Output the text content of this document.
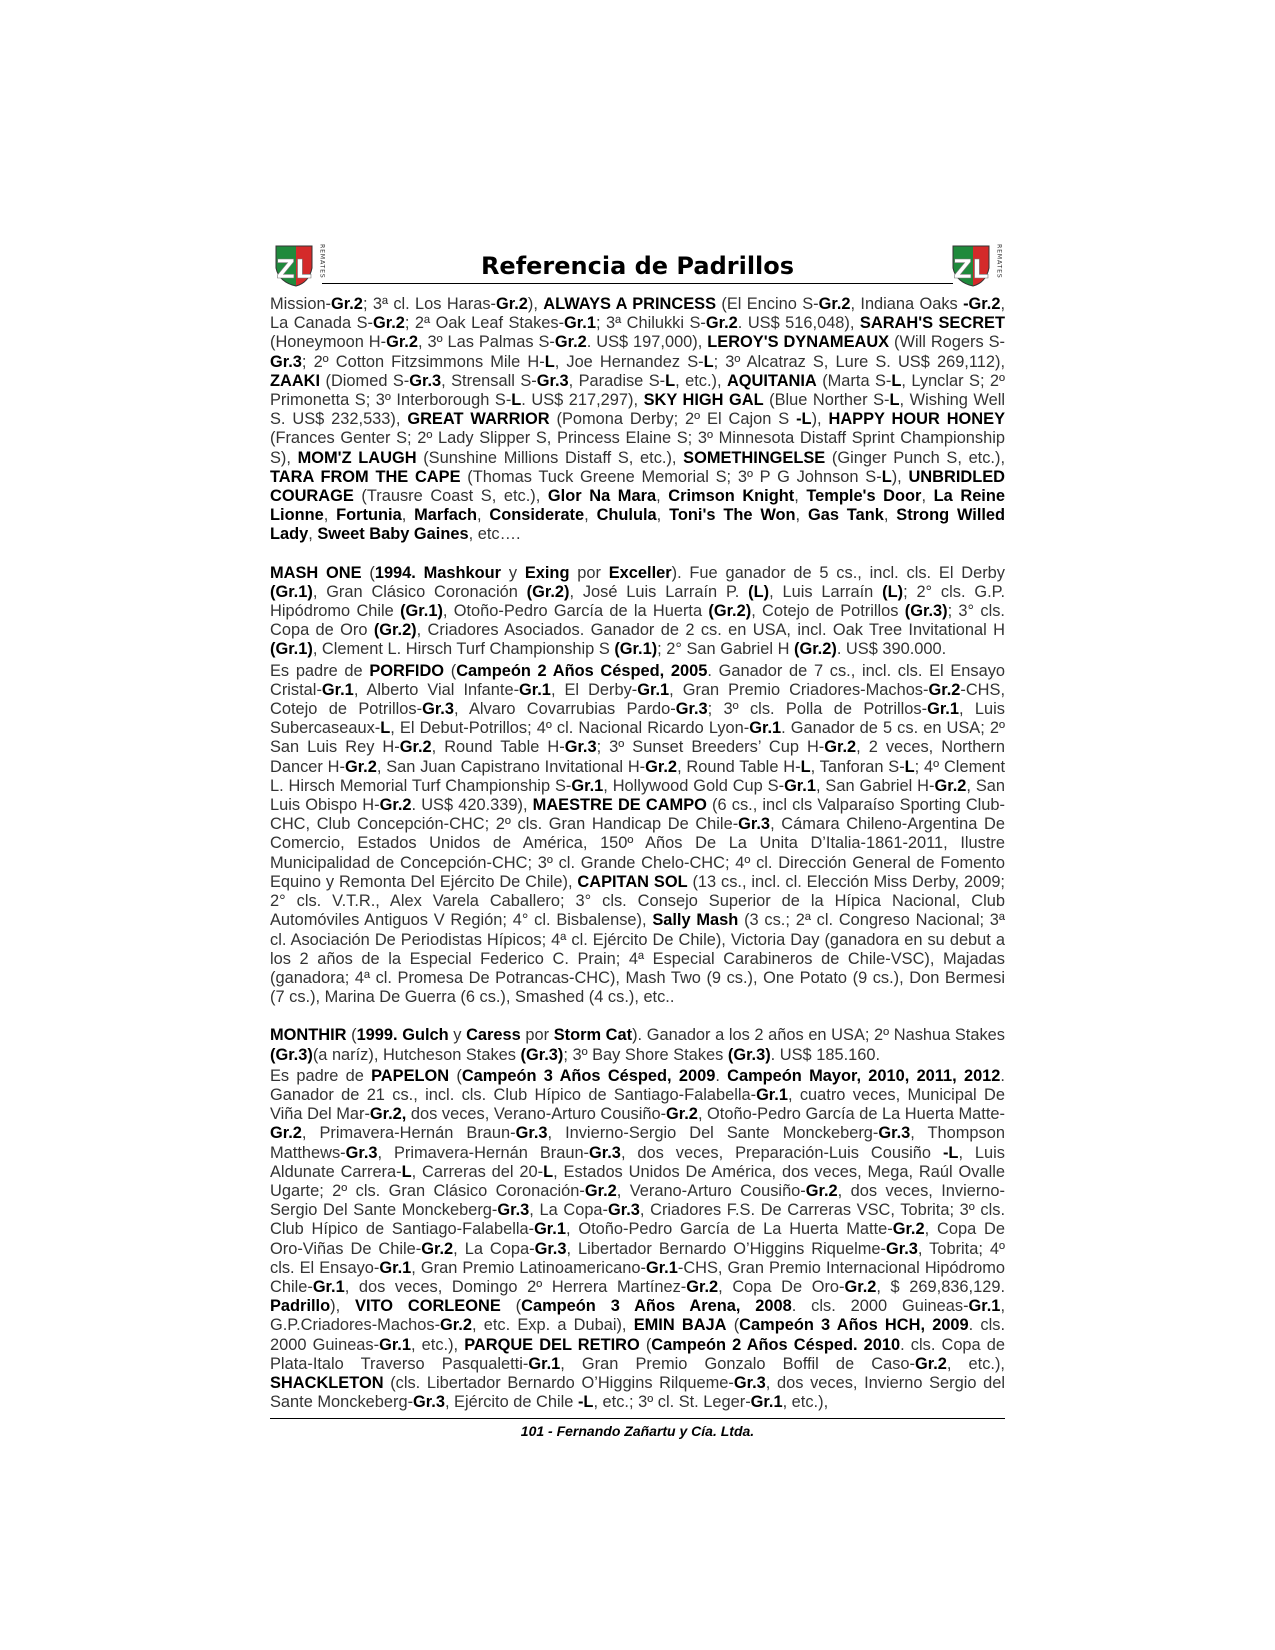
ZL REMATES	Referencia de Padrillos	ZL REMATES

Mission-Gr.2; 3ª cl. Los Haras-Gr.2), ALWAYS A PRINCESS (El Encino S-Gr.2, Indiana Oaks -Gr.2, La Canada S-Gr.2; 2ª Oak Leaf Stakes-Gr.1; 3ª Chilukki S-Gr.2. US$ 516,048), SARAH'S SECRET (Honeymoon H-Gr.2, 3º Las Palmas S-Gr.2. US$ 197,000), LEROY'S DYNAMEAUX (Will Rogers S-Gr.3; 2º Cotton Fitzsimmons Mile H-L, Joe Hernandez S-L; 3º Alcatraz S, Lure S. US$ 269,112), ZAAKI (Diomed S-Gr.3, Strensall S-Gr.3, Paradise S-L, etc.), AQUITANIA (Marta S-L, Lynclar S; 2º Primonetta S; 3º Interborough S-L. US$ 217,297), SKY HIGH GAL (Blue Norther S-L, Wishing Well S. US$ 232,533), GREAT WARRIOR (Pomona Derby; 2º El Cajon S -L), HAPPY HOUR HONEY (Frances Genter S; 2º Lady Slipper S, Princess Elaine S; 3º Minnesota Distaff Sprint Championship S), MOM'Z LAUGH (Sunshine Millions Distaff S, etc.), SOMETHINGELSE (Ginger Punch S, etc.), TARA FROM THE CAPE (Thomas Tuck Greene Memorial S; 3º P G Johnson S-L), UNBRIDLED COURAGE (Trausre Coast S, etc.), Glor Na Mara, Crimson Knight, Temple's Door, La Reine Lionne, Fortunia, Marfach, Considerate, Chulula, Toni's The Won, Gas Tank, Strong Willed Lady, Sweet Baby Gaines, etc….

MASH ONE (1994. Mashkour y Exing por Exceller). Fue ganador de 5 cs., incl. cls. El Derby (Gr.1), Gran Clásico Coronación (Gr.2), José Luis Larraín P. (L), Luis Larraín (L); 2° cls. G.P. Hipódromo Chile (Gr.1), Otoño-Pedro García de la Huerta (Gr.2), Cotejo de Potrillos (Gr.3); 3° cls. Copa de Oro (Gr.2), Criadores Asociados. Ganador de 2 cs. en USA, incl. Oak Tree Invitational H (Gr.1), Clement L. Hirsch Turf Championship S (Gr.1); 2° San Gabriel H (Gr.2). US$ 390.000.

Es padre de PORFIDO (Campeón 2 Años Césped, 2005. Ganador de 7 cs., incl. cls. El Ensayo Cristal-Gr.1, Alberto Vial Infante-Gr.1, El Derby-Gr.1, Gran Premio Criadores-Machos-Gr.2-CHS, Cotejo de Potrillos-Gr.3, Alvaro Covarrubias Pardo-Gr.3; 3º cls. Polla de Potrillos-Gr.1, Luis Subercaseaux-L, El Debut-Potrillos; 4º cl. Nacional Ricardo Lyon-Gr.1. Ganador de 5 cs. en USA; 2º San Luis Rey H-Gr.2, Round Table H-Gr.3; 3º Sunset Breeders’ Cup H-Gr.2, 2 veces, Northern Dancer H-Gr.2, San Juan Capistrano Invitational H-Gr.2, Round Table H-L, Tanforan S-L; 4º Clement L. Hirsch Memorial Turf Championship S-Gr.1, Hollywood Gold Cup S-Gr.1, San Gabriel H-Gr.2, San Luis Obispo H-Gr.2. US$ 420.339), MAESTRE DE CAMPO (6 cs., incl cls Valparaíso Sporting Club-CHC, Club Concepción-CHC; 2º cls. Gran Handicap De Chile-Gr.3, Cámara Chileno-Argentina De Comercio, Estados Unidos de América, 150º Años De La Unita D’Italia-1861-2011, Ilustre Municipalidad de Concepción-CHC; 3º cl. Grande Chelo-CHC; 4º cl. Dirección General de Fomento Equino y Remonta Del Ejército De Chile), CAPITAN SOL (13 cs., incl. cl. Elección Miss Derby, 2009; 2° cls. V.T.R., Alex Varela Caballero; 3° cls. Consejo Superior de la Hípica Nacional, Club Automóviles Antiguos V Región; 4° cl. Bisbalense), Sally Mash (3 cs.; 2ª cl. Congreso Nacional; 3ª cl. Asociación De Periodistas Hípicos; 4ª cl. Ejército De Chile), Victoria Day (ganadora en su debut a los 2 años de la Especial Federico C. Prain; 4ª Especial Carabineros de Chile-VSC), Majadas (ganadora; 4ª cl. Promesa De Potrancas-CHC), Mash Two (9 cs.), One Potato (9 cs.), Don Bermesi (7 cs.), Marina De Guerra (6 cs.), Smashed (4 cs.), etc..

MONTHIR (1999. Gulch y Caress por Storm Cat). Ganador a los 2 años en USA; 2º Nashua Stakes (Gr.3)(a naríz), Hutcheson Stakes (Gr.3); 3º Bay Shore Stakes (Gr.3). US$ 185.160.

Es padre de PAPELON (Campeón 3 Años Césped, 2009. Campeón Mayor, 2010, 2011, 2012. Ganador de 21 cs., incl. cls. Club Hípico de Santiago-Falabella-Gr.1, cuatro veces, Municipal De Viña Del Mar-Gr.2, dos veces, Verano-Arturo Cousiño-Gr.2, Otoño-Pedro García de La Huerta Matte-Gr.2, Primavera-Hernán Braun-Gr.3, Invierno-Sergio Del Sante Monckeberg-Gr.3, Thompson Matthews-Gr.3, Primavera-Hernán Braun-Gr.3, dos veces, Preparación-Luis Cousiño -L, Luis Aldunate Carrera-L, Carreras del 20-L, Estados Unidos De América, dos veces, Mega, Raúl Ovalle Ugarte; 2º cls. Gran Clásico Coronación-Gr.2, Verano-Arturo Cousiño-Gr.2, dos veces, Invierno-Sergio Del Sante Monckeberg-Gr.3, La Copa-Gr.3, Criadores F.S. De Carreras VSC, Tobrita; 3º cls. Club Hípico de Santiago-Falabella-Gr.1, Otoño-Pedro García de La Huerta Matte-Gr.2, Copa De Oro-Viñas De Chile-Gr.2, La Copa-Gr.3, Libertador Bernardo O’Higgins Riquelme-Gr.3, Tobrita; 4º cls. El Ensayo-Gr.1, Gran Premio Latinoamericano-Gr.1-CHS, Gran Premio Internacional Hipódromo Chile-Gr.1, dos veces, Domingo 2º Herrera Martínez-Gr.2, Copa De Oro-Gr.2, $ 269,836,129. Padrillo), VITO CORLEONE (Campeón 3 Años Arena, 2008. cls. 2000 Guineas-Gr.1, G.P.Criadores-Machos-Gr.2, etc. Exp. a Dubai), EMIN BAJA (Campeón 3 Años HCH, 2009. cls. 2000 Guineas-Gr.1, etc.), PARQUE DEL RETIRO (Campeón 2 Años Césped. 2010. cls. Copa de Plata-Italo Traverso Pasqualetti-Gr.1, Gran Premio Gonzalo Boffil de Caso-Gr.2, etc.), SHACKLETON (cls. Libertador Bernardo O’Higgins Rilqueme-Gr.3, dos veces, Invierno Sergio del Sante Monckeberg-Gr.3, Ejército de Chile -L, etc.; 3º cl. St. Leger-Gr.1, etc.),

101 - Fernando Zañartu y Cía. Ltda.
